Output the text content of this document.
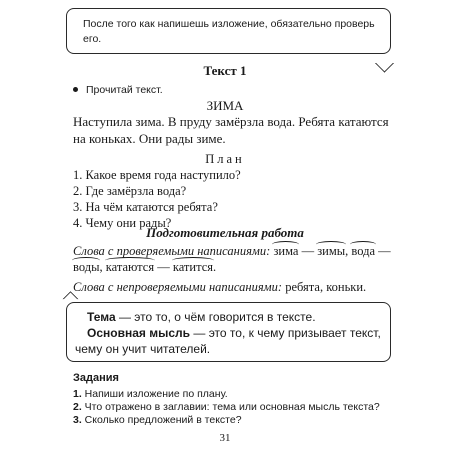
После того как напишешь изложение, обязательно проверь
его.

Текст 1
Прочитай текст.
ЗИМА
Наступила зима. В пруду замёрзла вода. Ребята катаются
на коньках. Они рады зиме.
План
1. Какое время года наступило?
2. Где замёрзла вода?
3. На чём катаются ребята?
4. Чему они рады?
Подготовительная работа
Слова с проверяемыми написаниями: зима — зимы, вода —
воды, катаются — катится.
Слова с непроверяемыми написаниями: ребята, коньки.
Тема — это то, о чём говорится в тексте.
Основная мысль — это то, к чему призывает текст,
чему он учит читателей.
Задания
1. Напиши изложение по плану.
2. Что отражено в заглавии: тема или основная мысль текста?
3. Сколько предложений в тексте?
31
